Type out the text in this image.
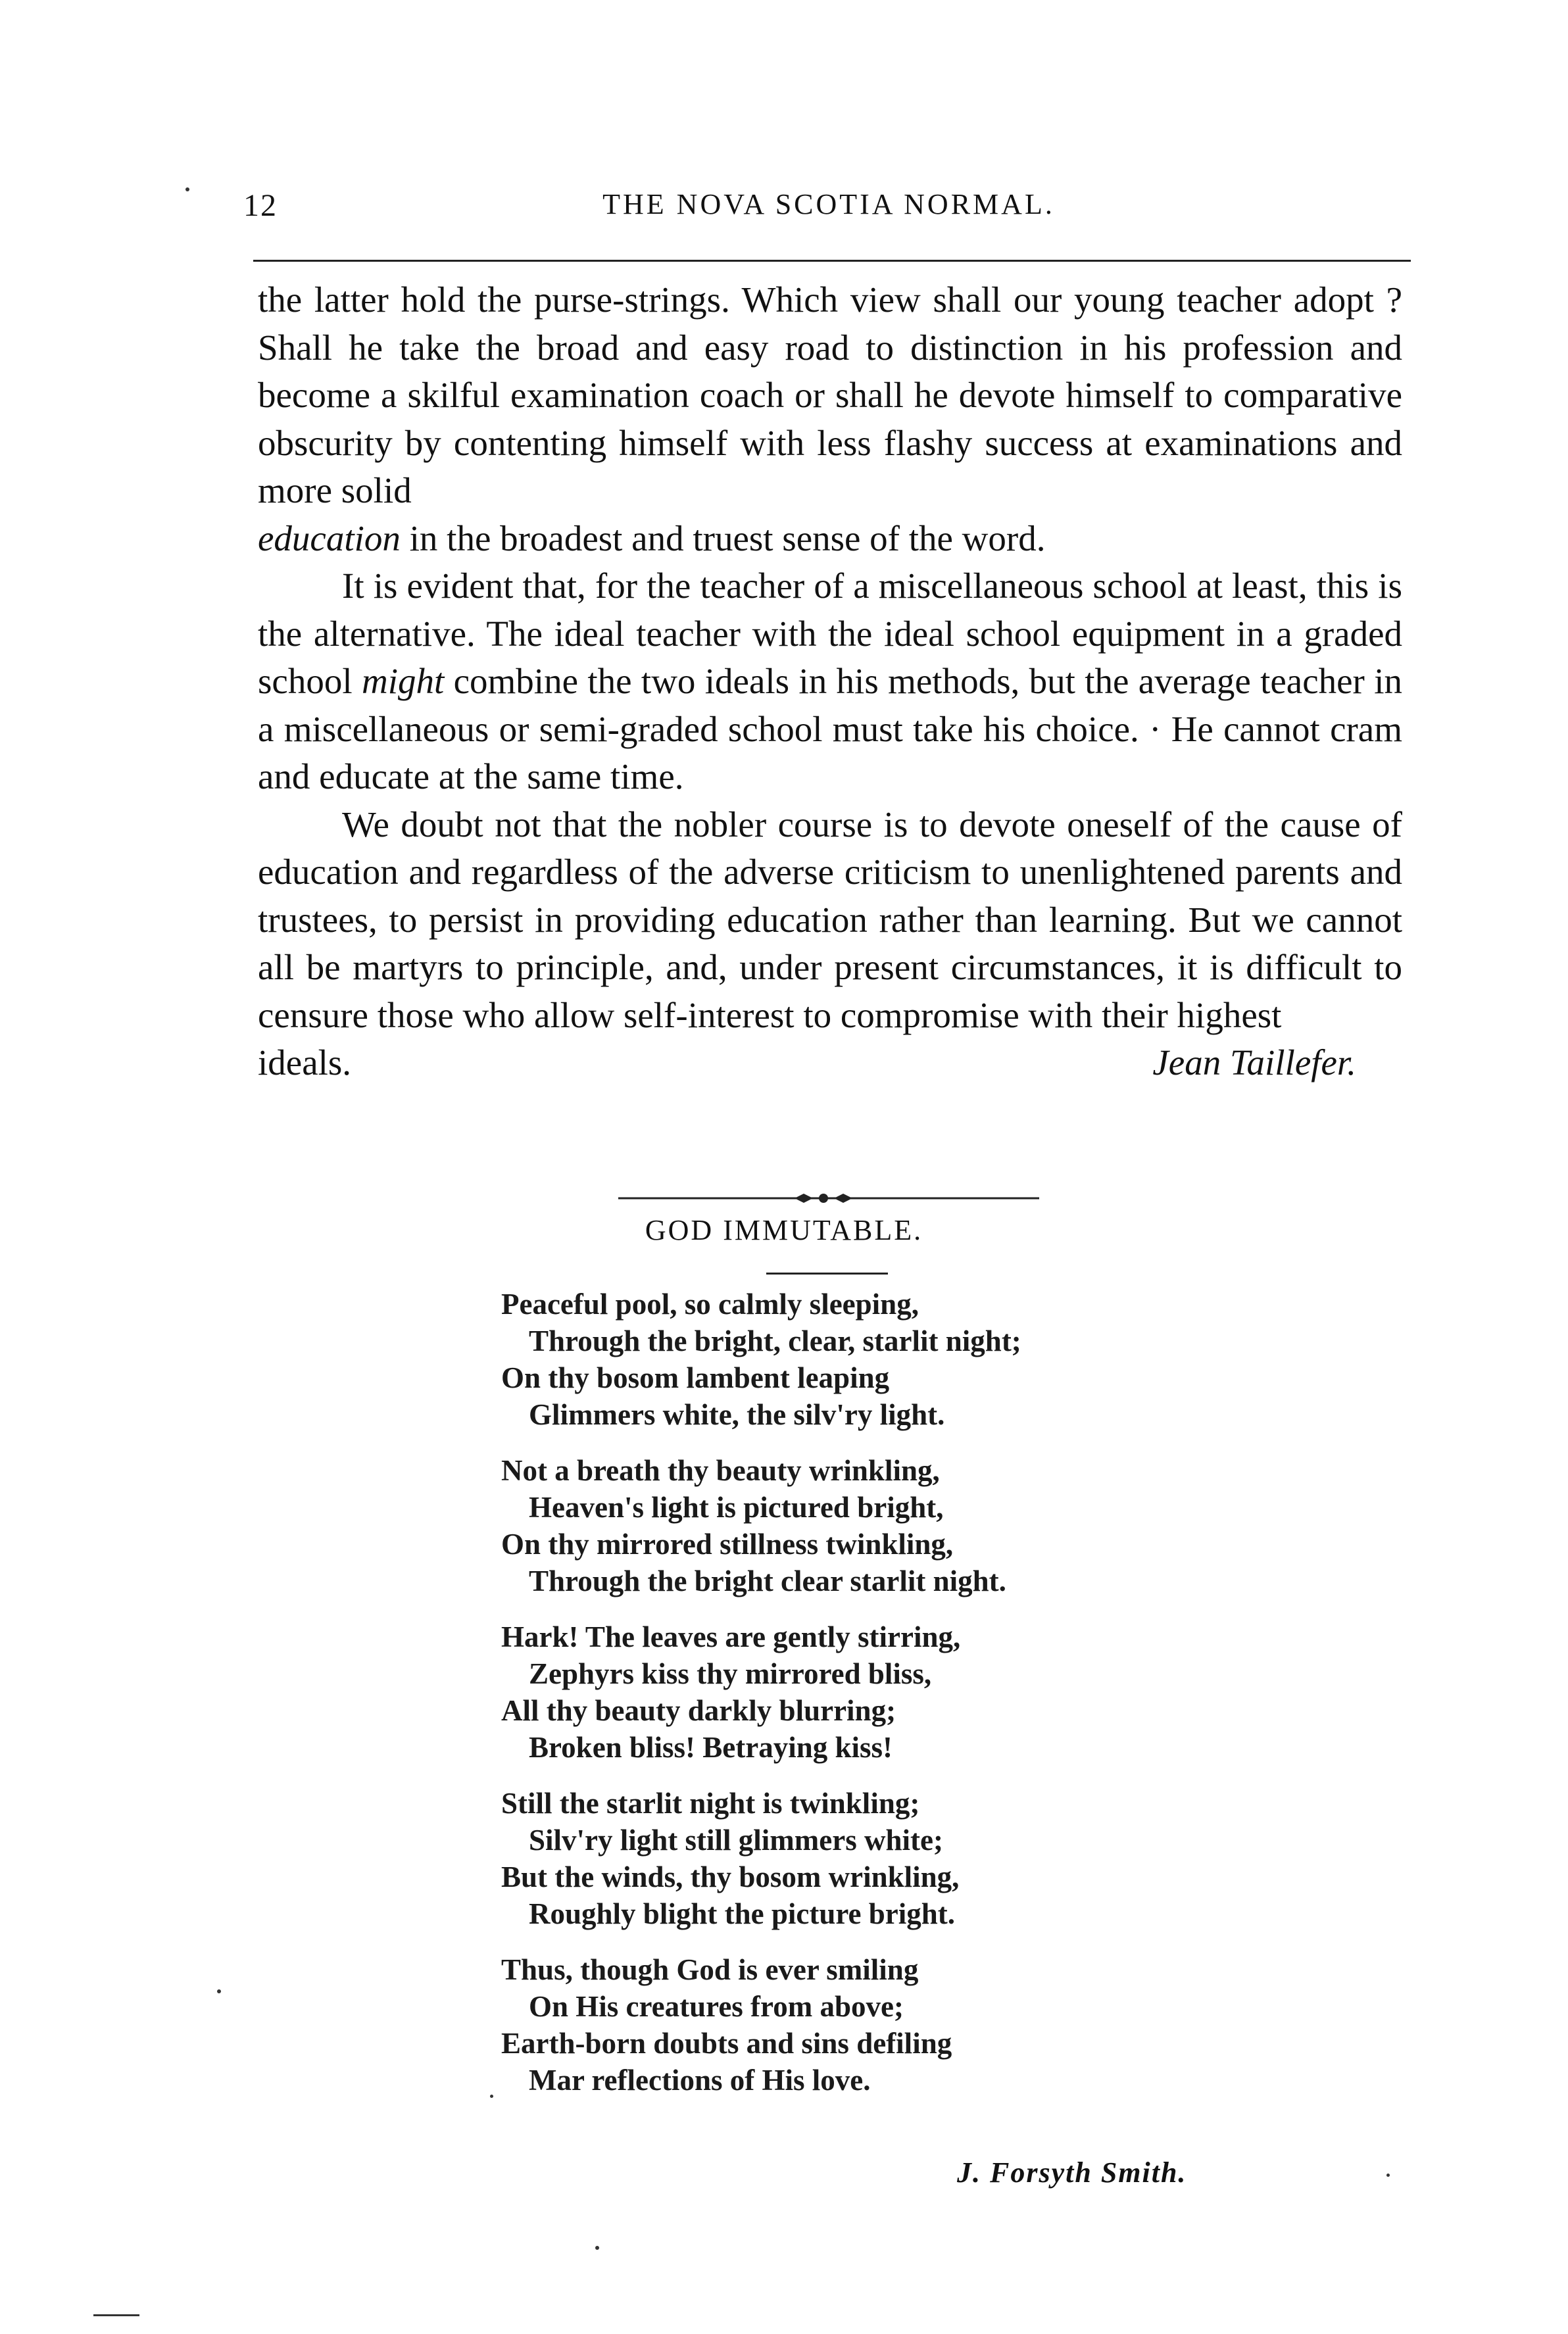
12	THE NOVA SCOTIA NORMAL.

the latter hold the purse-strings. Which view shall our young teacher adopt ? Shall he take the broad and easy road to distinction in his profession and become a skilful examination coach or shall he devote himself to comparative obscurity by contenting himself with less flashy success at examinations and more solid
education in the broadest and truest sense of the word.

It is evident that, for the teacher of a miscellaneous school at least, this is the alternative. The ideal teacher with the ideal school equipment in a graded school might combine the two ideals in his methods, but the average teacher in a miscellaneous or semi-graded school must take his choice. · He cannot cram and educate at the same time.

We doubt not that the nobler course is to devote oneself of the cause of education and regardless of the adverse criticism to unenlightened parents and trustees, to persist in providing education rather than learning. But we cannot all be martyrs to principle, and, under present circumstances, it is difficult to censure those who allow self-interest to compromise with their highest

ideals.	Jean Taillefer.
GOD IMMUTABLE.
Peaceful pool, so calmly sleeping,
Through the bright, clear, starlit night;
On thy bosom lambent leaping
Glimmers white, the silv'ry light.
Not a breath thy beauty wrinkling,
Heaven's light is pictured bright,
On thy mirrored stillness twinkling,
Through the bright clear starlit night.
Hark! The leaves are gently stirring,
Zephyrs kiss thy mirrored bliss,
All thy beauty darkly blurring;
Broken bliss! Betraying kiss!
Still the starlit night is twinkling;
Silv'ry light still glimmers white;
But the winds, thy bosom wrinkling,
Roughly blight the picture bright.
Thus, though God is ever smiling
On His creatures from above;
Earth-born doubts and sins defiling
Mar reflections of His love.
J. Forsyth Smith.
